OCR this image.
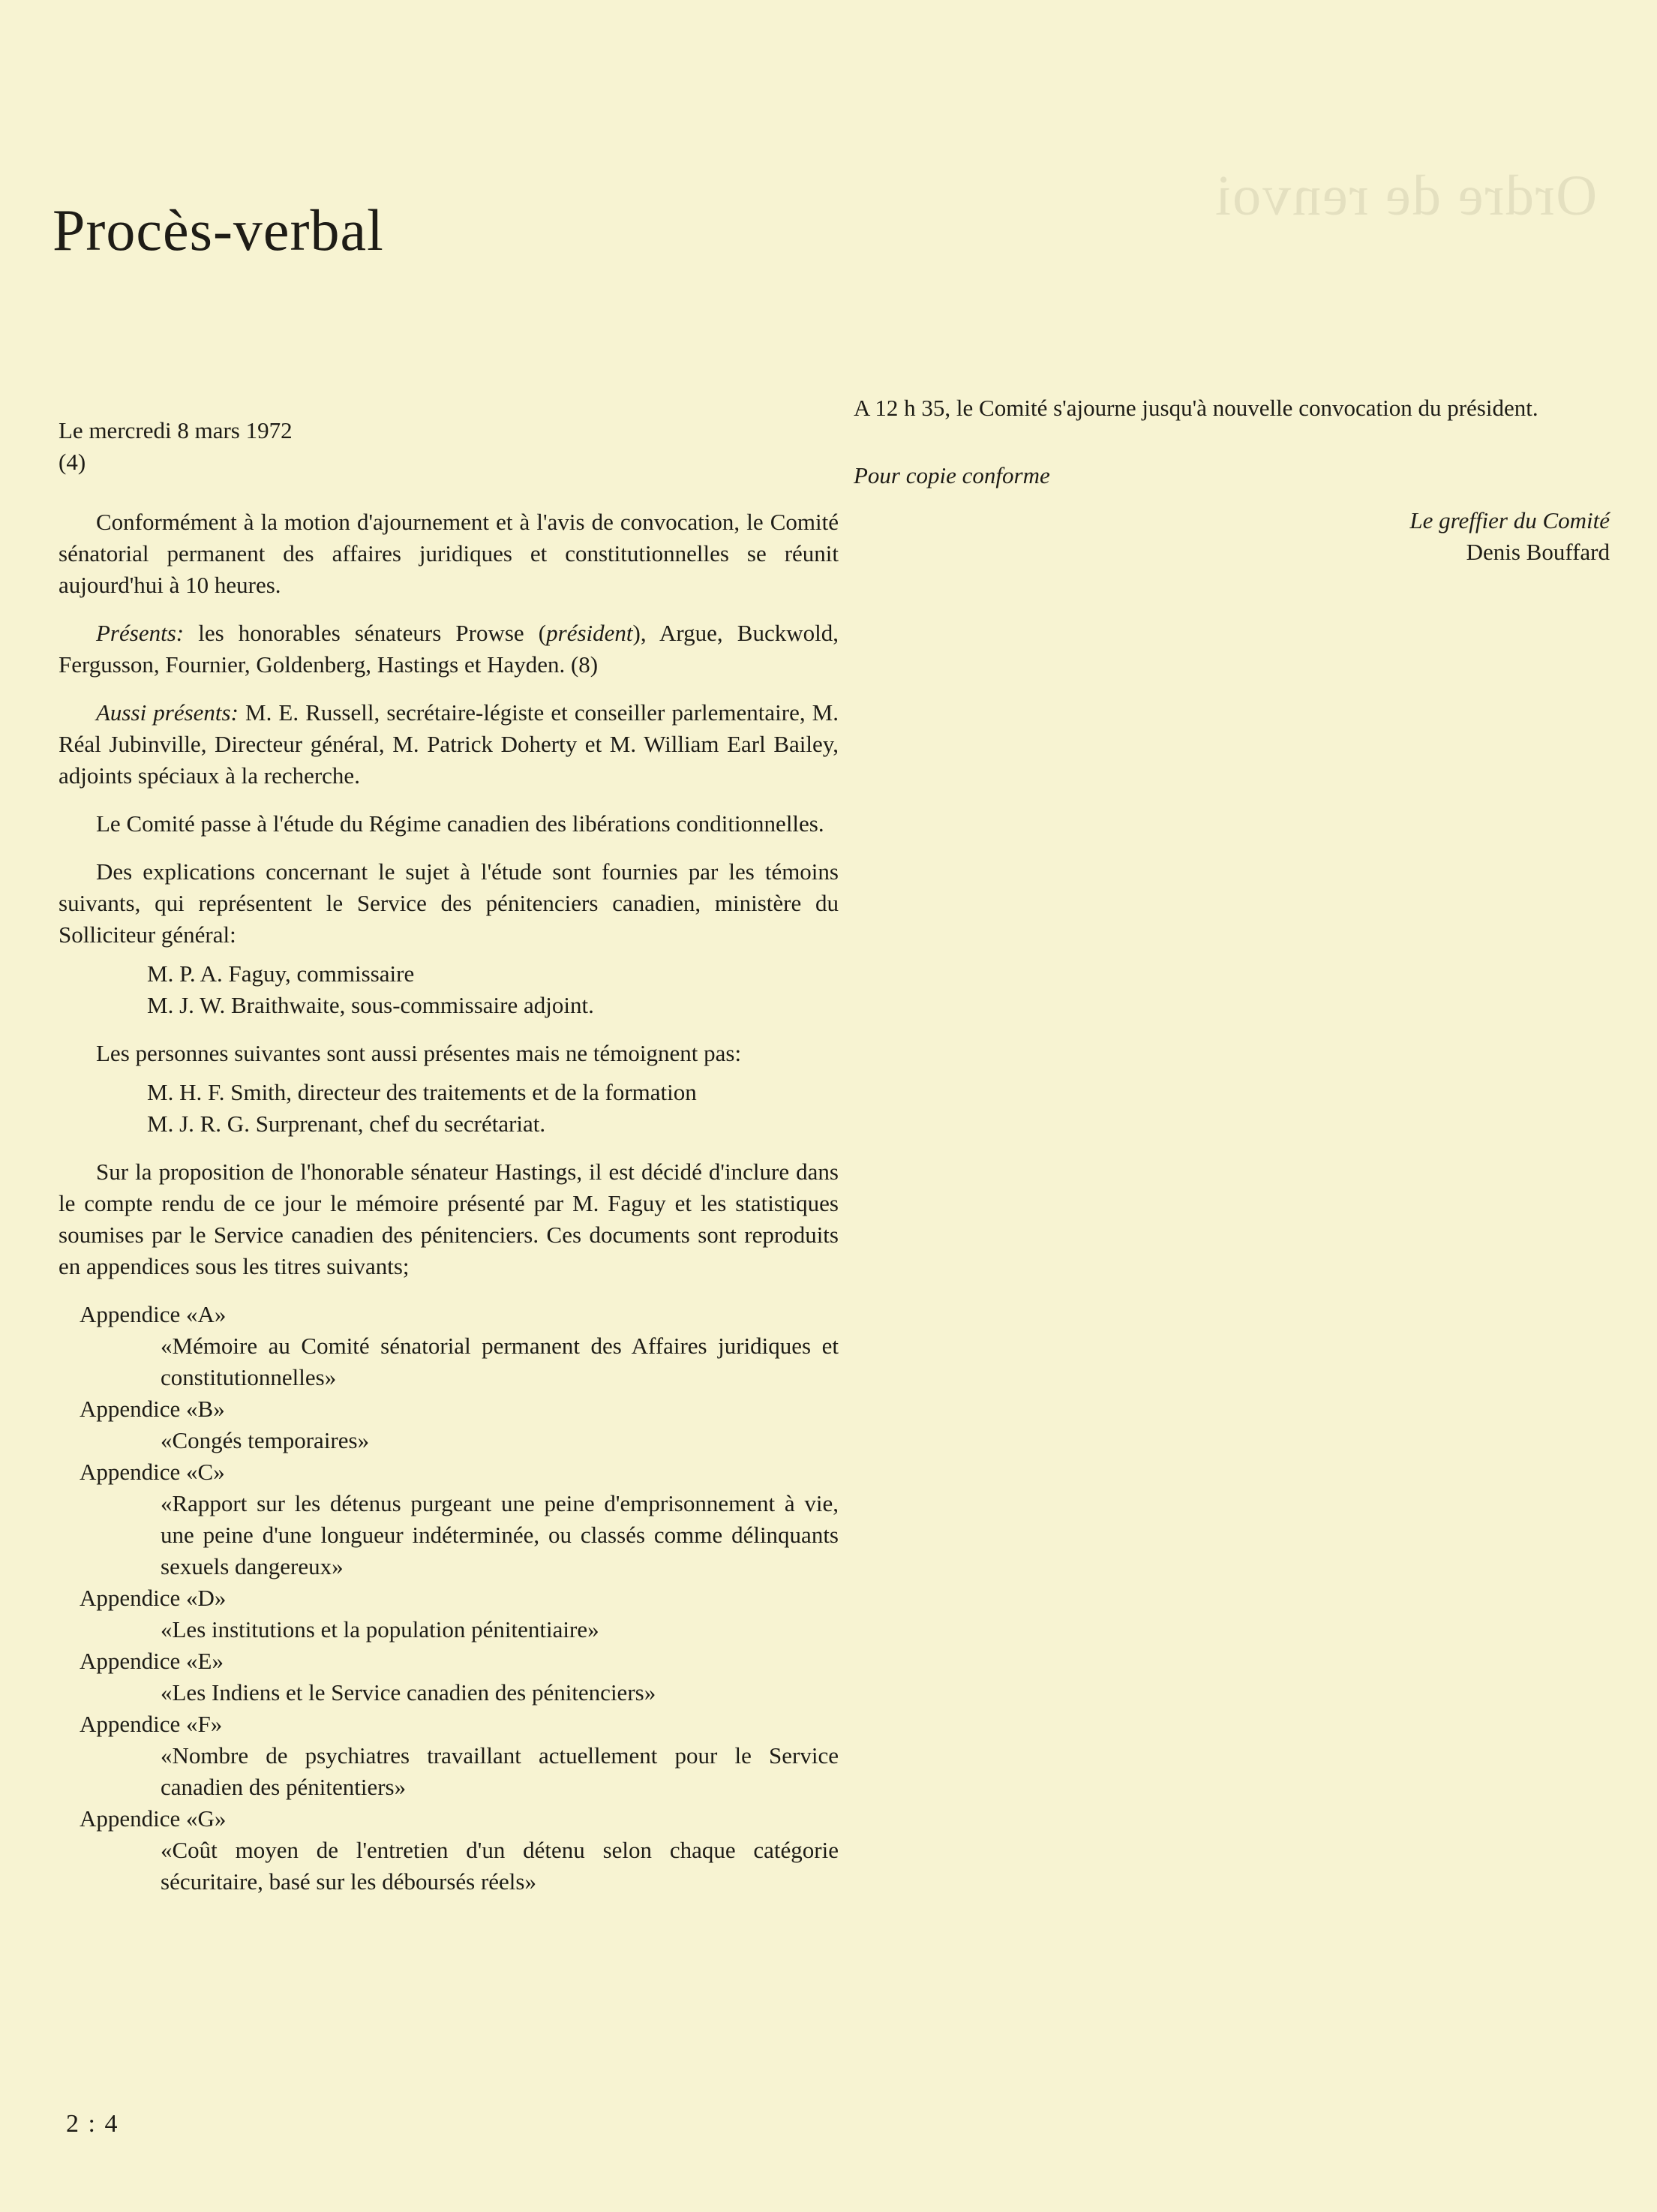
Ordre de renvoi
Procès-verbal

Le mercredi 8 mars 1972

(4)

Conformément à la motion d'ajournement et à l'avis de convocation, le Comité sénatorial permanent des affaires juridiques et constitutionnelles se réunit aujourd'hui à 10 heures.

Présents: les honorables sénateurs Prowse (président), Argue, Buckwold, Fergusson, Fournier, Goldenberg, Hastings et Hayden. (8)

Aussi présents: M. E. Russell, secrétaire-légiste et conseiller parlementaire, M. Réal Jubinville, Directeur général, M. Patrick Doherty et M. William Earl Bailey, adjoints spéciaux à la recherche.

Le Comité passe à l'étude du Régime canadien des libérations conditionnelles.

Des explications concernant le sujet à l'étude sont fournies par les témoins suivants, qui représentent le Service des pénitenciers canadien, ministère du Solliciteur général:

M. P. A. Faguy, commissaire
M. J. W. Braithwaite, sous-commissaire adjoint.

Les personnes suivantes sont aussi présentes mais ne témoignent pas:

M. H. F. Smith, directeur des traitements et de la formation
M. J. R. G. Surprenant, chef du secrétariat.

Sur la proposition de l'honorable sénateur Hastings, il est décidé d'inclure dans le compte rendu de ce jour le mémoire présenté par M. Faguy et les statistiques soumises par le Service canadien des pénitenciers. Ces documents sont reproduits en appendices sous les titres suivants;

Appendice «A»

«Mémoire au Comité sénatorial permanent des Affaires juridiques et constitutionnelles»

Appendice «B»

«Congés temporaires»

Appendice «C»

«Rapport sur les détenus purgeant une peine d'emprisonnement à vie, une peine d'une longueur indéterminée, ou classés comme délinquants sexuels dangereux»

Appendice «D»

«Les institutions et la population pénitentiaire»

Appendice «E»

«Les Indiens et le Service canadien des pénitenciers»

Appendice «F»

«Nombre de psychiatres travaillant actuellement pour le Service canadien des pénitentiers»

Appendice «G»

«Coût moyen de l'entretien d'un détenu selon chaque catégorie sécuritaire, basé sur les déboursés réels»

A 12 h 35, le Comité s'ajourne jusqu'à nouvelle convocation du président.

Pour copie conforme

Le greffier du Comité
Denis Bouffard
2 : 4
